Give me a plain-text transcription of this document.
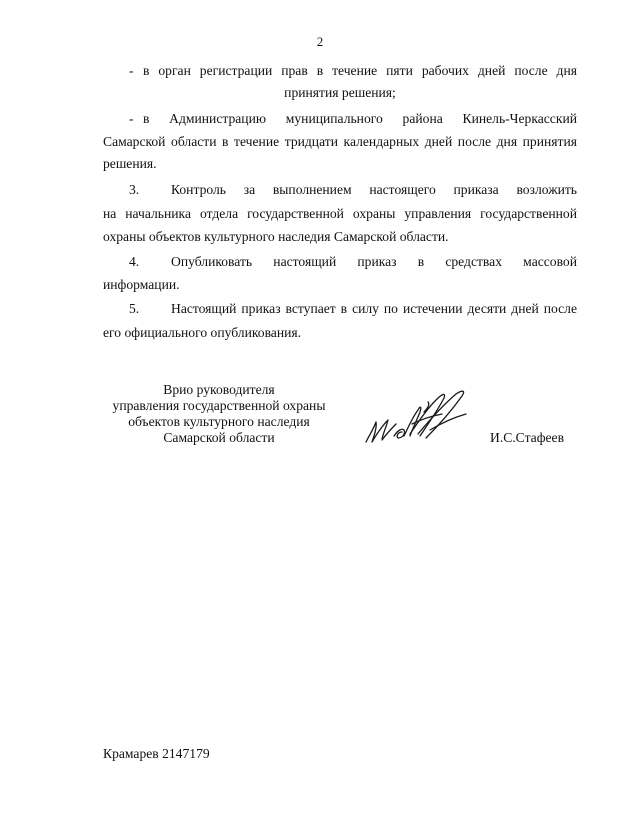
2
- в орган регистрации прав в течение пяти рабочих дней после дня
принятия решения;
- в Администрацию муниципального района Кинель-Черкасский
Самарской области в течение тридцати календарных дней после дня принятия
решения.
3. Контроль за выполнением настоящего приказа возложить
на начальника отдела государственной охраны управления государственной
охраны объектов культурного наследия Самарской области.
4. Опубликовать настоящий приказ в средствах массовой
информации.
5. Настоящий приказ вступает в силу по истечении десяти дней после
его официального опубликования.
Врио руководителя
управления государственной охраны
объектов культурного наследия
Самарской области	И.С.Стафеев
Крамарев 2147179
